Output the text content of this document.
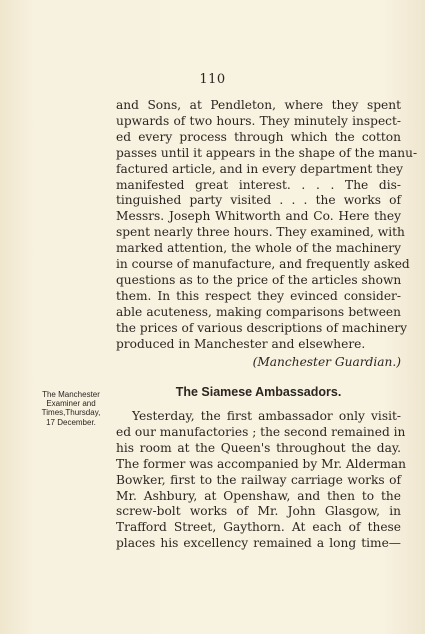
110
and Sons, at Pendleton, where they spent
upwards of two hours. They minutely inspect-
ed every process through which the cotton
passes until it appears in the shape of the manu-
factured article, and in every department they
manifested great interest. . . . The dis-
tinguished party visited . . . the works of
Messrs. Joseph Whitworth and Co. Here they
spent nearly three hours. They examined, with
marked attention, the whole of the machinery
in course of manufacture, and frequently asked
questions as to the price of the articles shown
them. In this respect they evinced consider-
able acuteness, making comparisons between
the prices of various descriptions of machinery
produced in Manchester and elsewhere.
(Manchester Guardian.)
The Manchester
Examiner and
Times,Thursday,
17 December.
The Siamese Ambassadors.
Yesterday, the first ambassador only visit-
ed our manufactories ; the second remained in
his room at the Queen's throughout the day.
The former was accompanied by Mr. Alderman
Bowker, first to the railway carriage works of
Mr. Ashbury, at Openshaw, and then to the
screw-bolt works of Mr. John Glasgow, in
Trafford Street, Gaythorn. At each of these
places his excellency remained a long time—
